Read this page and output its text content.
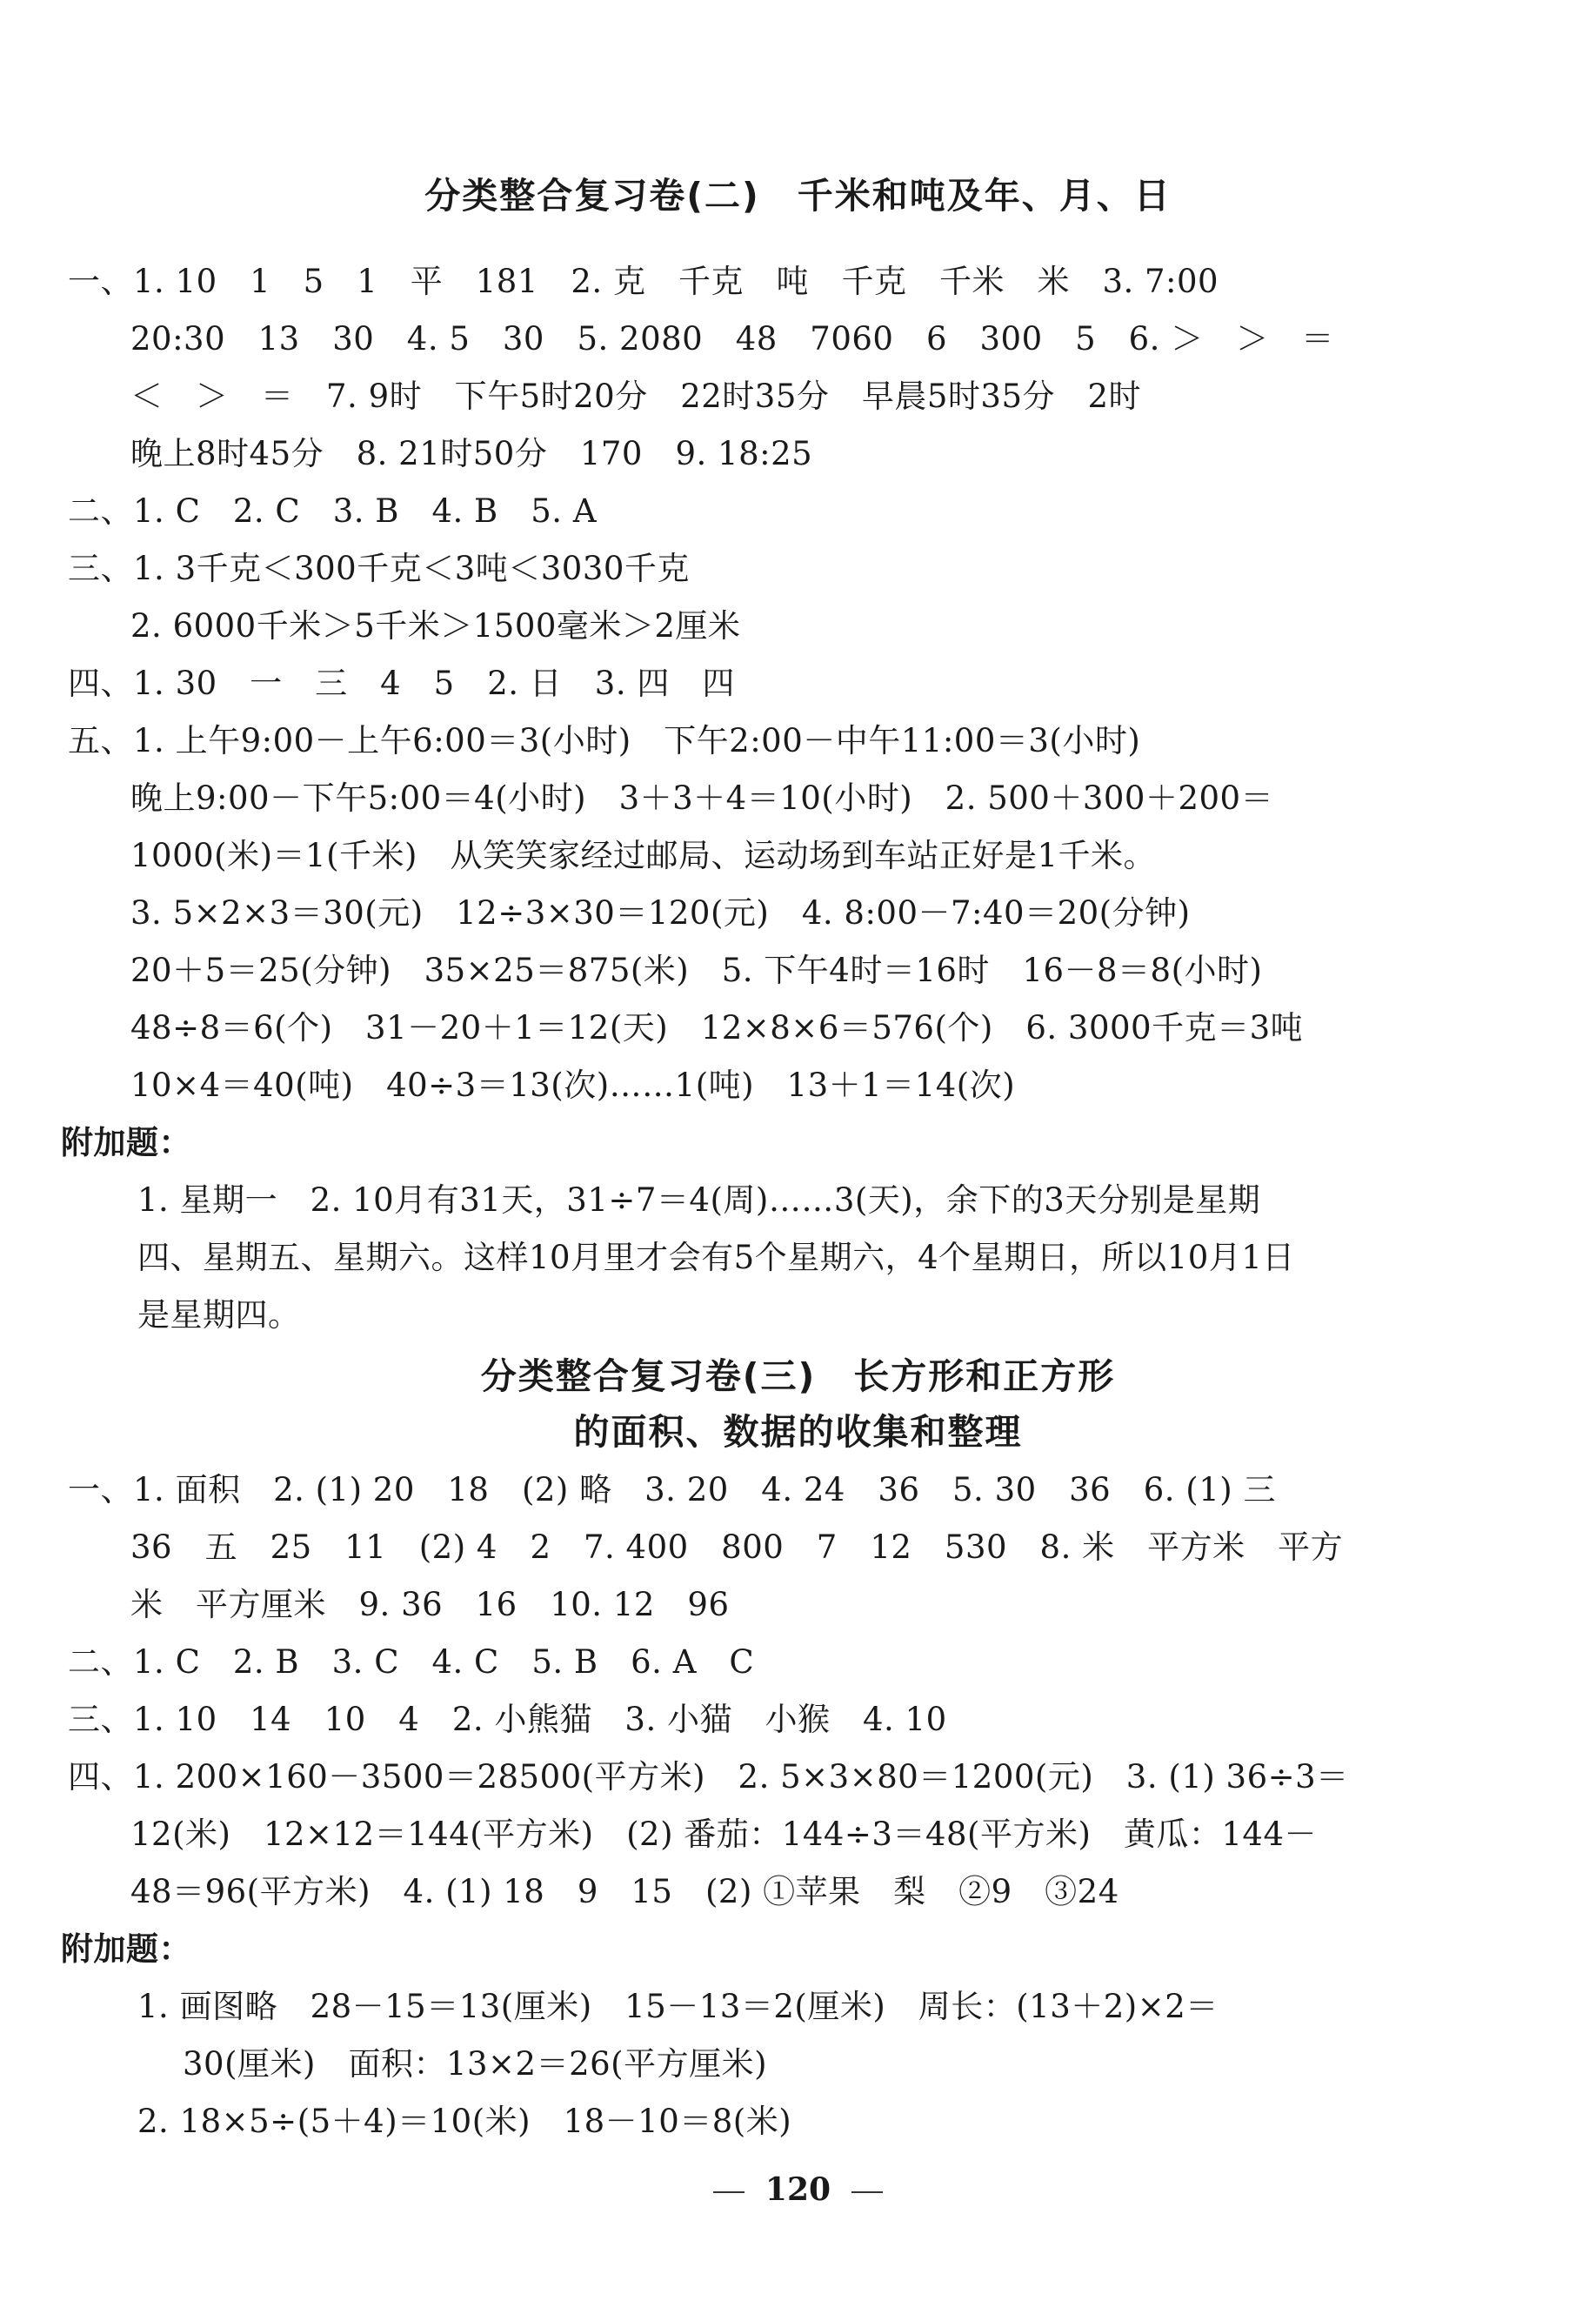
分类整合复习卷(二)　千米和吨及年、月、日
一、1. 10　1　5　1　平　181　2. 克　千克　吨　千克　千米　米　3. 7:00
20:30　13　30　4. 5　30　5. 2080　48　7060　6　300　5　6. ＞　＞　＝
＜　＞　＝　7. 9时　下午5时20分　22时35分　早晨5时35分　2时
晚上8时45分　8. 21时50分　170　9. 18:25
二、1. C　2. C　3. B　4. B　5. A
三、1. 3千克＜300千克＜3吨＜3030千克
2. 6000千米＞5千米＞1500毫米＞2厘米
四、1. 30　一　三　4　5　2. 日　3. 四　四
五、1. 上午9:00－上午6:00＝3(小时)　下午2:00－中午11:00＝3(小时)
晚上9:00－下午5:00＝4(小时)　3＋3＋4＝10(小时)　2. 500＋300＋200＝
1000(米)＝1(千米)　从笑笑家经过邮局、运动场到车站正好是1千米。
3. 5×2×3＝30(元)　12÷3×30＝120(元)　4. 8:00－7:40＝20(分钟)
20＋5＝25(分钟)　35×25＝875(米)　5. 下午4时＝16时　16－8＝8(小时)
48÷8＝6(个)　31－20＋1＝12(天)　12×8×6＝576(个)　6. 3000千克＝3吨
10×4＝40(吨)　40÷3＝13(次)……1(吨)　13＋1＝14(次)
附加题：
1. 星期一　2. 10月有31天，31÷7＝4(周)……3(天)，余下的3天分别是星期
四、星期五、星期六。这样10月里才会有5个星期六，4个星期日，所以10月1日
是星期四。
分类整合复习卷(三)　长方形和正方形
的面积、数据的收集和整理
一、1. 面积　2. (1) 20　18　(2) 略　3. 20　4. 24　36　5. 30　36　6. (1) 三
36　五　25　11　(2) 4　2　7. 400　800　7　12　530　8. 米　平方米　平方
米　平方厘米　9. 36　16　10. 12　96
二、1. C　2. B　3. C　4. C　5. B　6. A　C
三、1. 10　14　10　4　2. 小熊猫　3. 小猫　小猴　4. 10
四、1. 200×160－3500＝28500(平方米)　2. 5×3×80＝1200(元)　3. (1) 36÷3＝
12(米)　12×12＝144(平方米)　(2) 番茄：144÷3＝48(平方米)　黄瓜：144－
48＝96(平方米)　4. (1) 18　9　15　(2) ①苹果　梨　②9　③24
附加题：
1. 画图略　28－15＝13(厘米)　15－13＝2(厘米)　周长：(13＋2)×2＝
30(厘米)　面积：13×2＝26(平方厘米)
2. 18×5÷(5＋4)＝10(米)　18－10＝8(米)
120
